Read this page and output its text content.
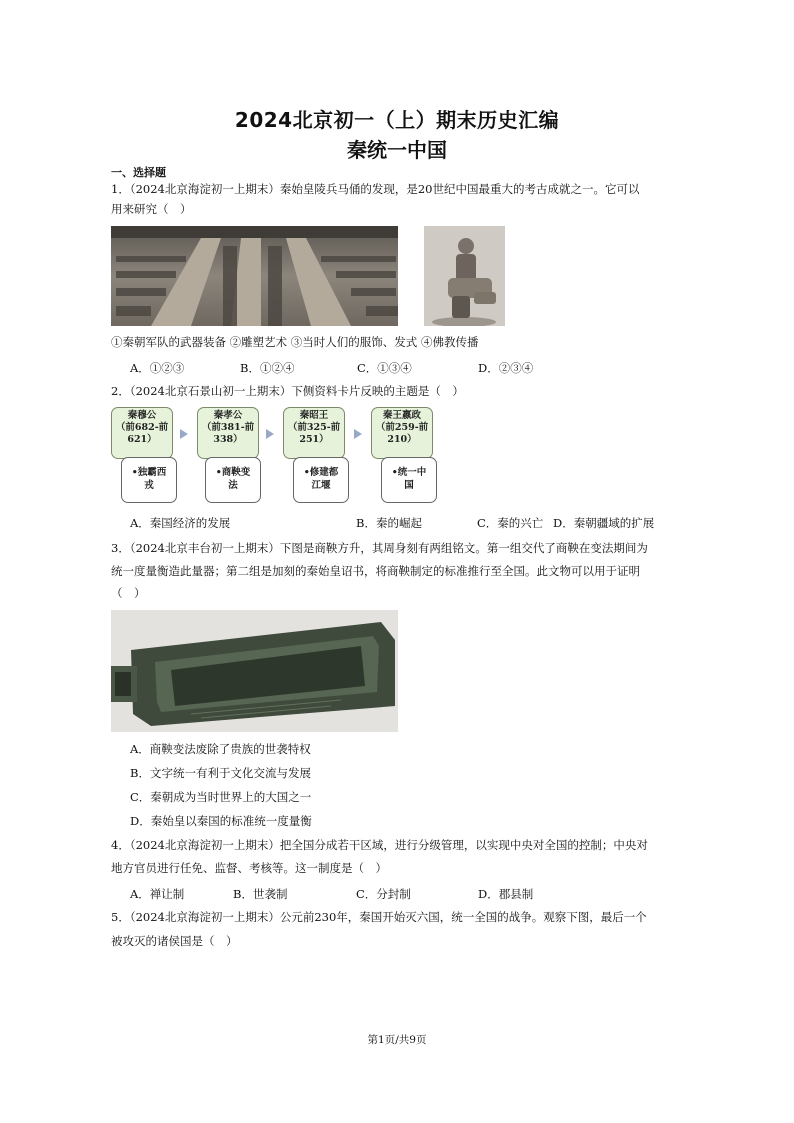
2024北京初一（上）期末历史汇编
秦统一中国
一、选择题
1．（2024北京海淀初一上期末）秦始皇陵兵马俑的发现，是20世纪中国最重大的考古成就之一。它可以
用来研究（　）
①秦朝军队的武器装备 ②雕塑艺术 ③当时人们的服饰、发式 ④佛教传播
A．①②③	B．①②④	C．①③④	D．②③④
2．（2024北京石景山初一上期末）下侧资料卡片反映的主题是（　）
秦穆公
（前682-前
621）
•独霸西
戎
秦孝公
（前381-前
338）
•商鞅变
法
秦昭王
（前325-前
251）
•修建都
江堰
秦王嬴政
（前259-前
210）
•统一中
国
A．秦国经济的发展	B．秦的崛起	C．秦的兴亡 D．秦朝疆域的扩展
3．（2024北京丰台初一上期末）下图是商鞅方升，其周身刻有两组铭文。第一组交代了商鞅在变法期间为
统一度量衡造此量器；第二组是加刻的秦始皇诏书，将商鞅制定的标准推行至全国。此文物可以用于证明
（　）
A．商鞅变法废除了贵族的世袭特权
B．文字统一有利于文化交流与发展
C．秦朝成为当时世界上的大国之一
D．秦始皇以秦国的标准统一度量衡
4．（2024北京海淀初一上期末）把全国分成若干区域，进行分级管理，以实现中央对全国的控制；中央对
地方官员进行任免、监督、考核等。这一制度是（　）
A．禅让制	B．世袭制	C．分封制	D．郡县制
5．（2024北京海淀初一上期末）公元前230年，秦国开始灭六国，统一全国的战争。观察下图，最后一个
被攻灭的诸侯国是（　）
第1页/共9页
